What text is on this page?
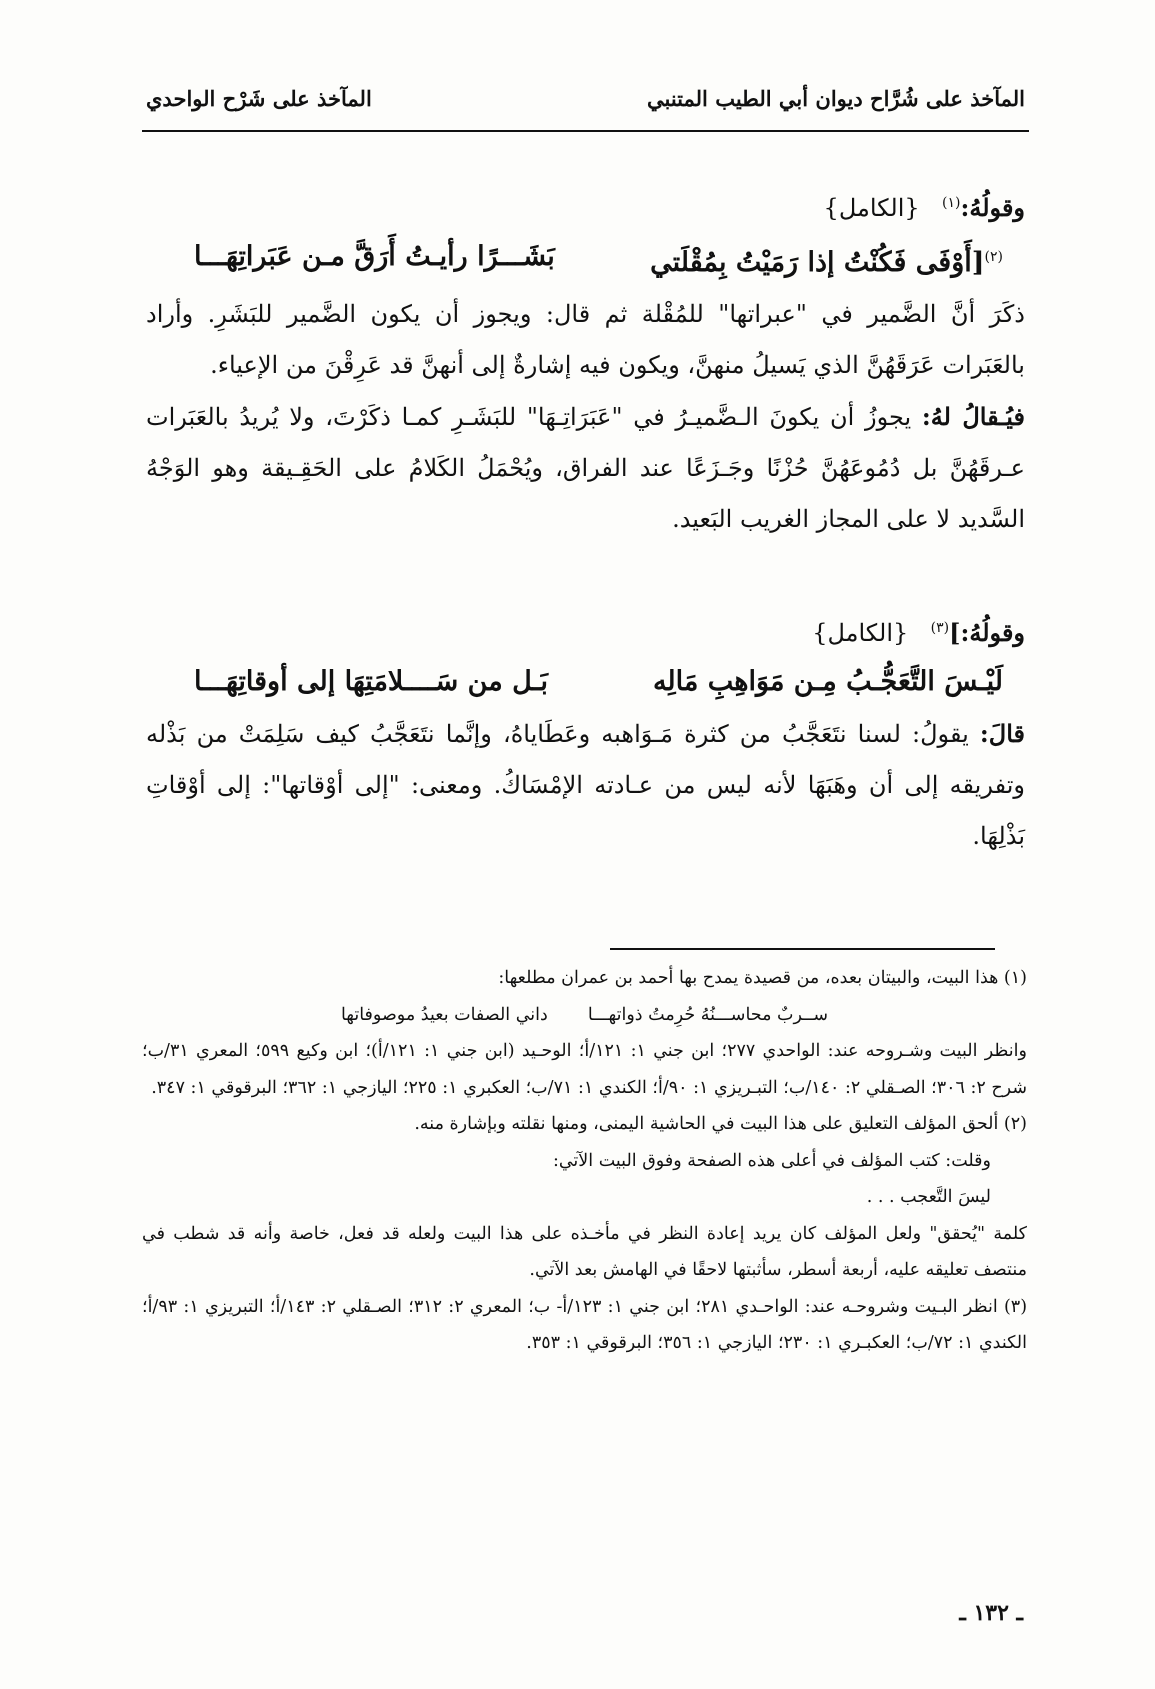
المآخذ على شُرَّاح ديوان أبي الطيب المتنبي
المآخذ على شَرْح الواحدي
وقولُهُ:$^{(١)}$ {الكامل}
$^{(٢)}$[أَوْفَى فَكُنْتُ إذا رَمَيْتُ بِمُقْلَتي
بَشَـــرًا رأيـتُ أَرَقَّ مـن عَبَراتِهَـــا

ذكَرَ أنَّ الضَّمير في "عبراتها" للمُقْلة ثم قال: ويجوز أن يكون الضَّمير للبَشَرِ. وأراد بالعَبَرات عَرَقَهُنَّ الذي يَسيلُ منهنَّ، ويكون فيه إشارةٌ إلى أنهنَّ قد عَرِقْنَ من الإعياء.

فيُـقالُ لهُ: يجوزُ أن يكونَ الـضَّميـرُ في "عَبَرَاتِـهَا" للبَشَـرِ كمـا ذكَرْتَ، ولا يُريدُ بالعَبَرات عـرقَهُنَّ بل دُمُوعَهُنَّ حُزْنًا وجَـزَعًا عند الفراق، ويُحْمَلُ الكَلامُ على الحَقِـيقة وهو الوَجْهُ السَّديد لا على المجاز الغريب البَعيد.

وقولُهُ:]$^{(٣)}$ {الكامل}
لَيْـسَ التَّعَجُّـبُ مِـن مَوَاهِبِ مَالِه
بَـل من سَــــلامَتِهَا إلى أوقاتِهَـــا

قالَ: يقولُ: لسنا نتَعَجَّبُ من كثرة مَـوَاهبه وعَطَاياهُ، وإنَّما نتَعَجَّبُ كيف سَلِمَتْ من بَذْله وتفريقه إلى أن وهَبَهَا لأنه ليس من عـادته الإمْسَاكُ. ومعنى: "إلى أوْقاتها": إلى أوْقاتِ بَذْلِهَا.

(١) هذا البيت، والبيتان بعده، من قصيدة يمدح بها أحمد بن عمران مطلعها:

ســربٌ محاســـنُهُ حُرِمتُ ذواتهـــا
داني الصفات بعيدُ موصوفاتها

وانظر البيت وشـروحه عند: الواحدي ٢٧٧؛ ابن جني ١: ١٢١/أ؛ الوحـيد (ابن جني ١: ١٢١/أ)؛ ابن وكيع ٥٩٩؛ المعري ٣١/ب؛ شرح ٢: ٣٠٦؛ الصـقلي ٢: ١٤٠/ب؛ التبـريزي ١: ٩٠/أ؛ الكندي ١: ٧١/ب؛ العكبري ١: ٢٢٥؛ اليازجي ١: ٣٦٢؛ البرقوقي ١: ٣٤٧.

(٢) ألحق المؤلف التعليق على هذا البيت في الحاشية اليمنى، ومنها نقلته وبإشارة منه.

وقلت: كتب المؤلف في أعلى هذه الصفحة وفوق البيت الآتي:

ليسَ التَّعجب . . .

كلمة "يُحقق" ولعل المؤلف كان يريد إعادة النظر في مأخـذه على هذا البيت ولعله قد فعل، خاصة وأنه قد شطب في منتصف تعليقه عليه، أربعة أسطر، سأثبتها لاحقًا في الهامش بعد الآتي.

(٣) انظر البـيت وشروحـه عند: الواحـدي ٢٨١؛ ابن جني ١: ١٢٣/أ- ب؛ المعري ٢: ٣١٢؛ الصـقلي ٢: ١٤٣/أ؛ التبريزي ١: ٩٣/أ؛ الكندي ١: ٧٢/ب؛ العكبـري ١: ٢٣٠؛ اليازجي ١: ٣٥٦؛ البرقوقي ١: ٣٥٣.

ـ ١٣٢ ـ
